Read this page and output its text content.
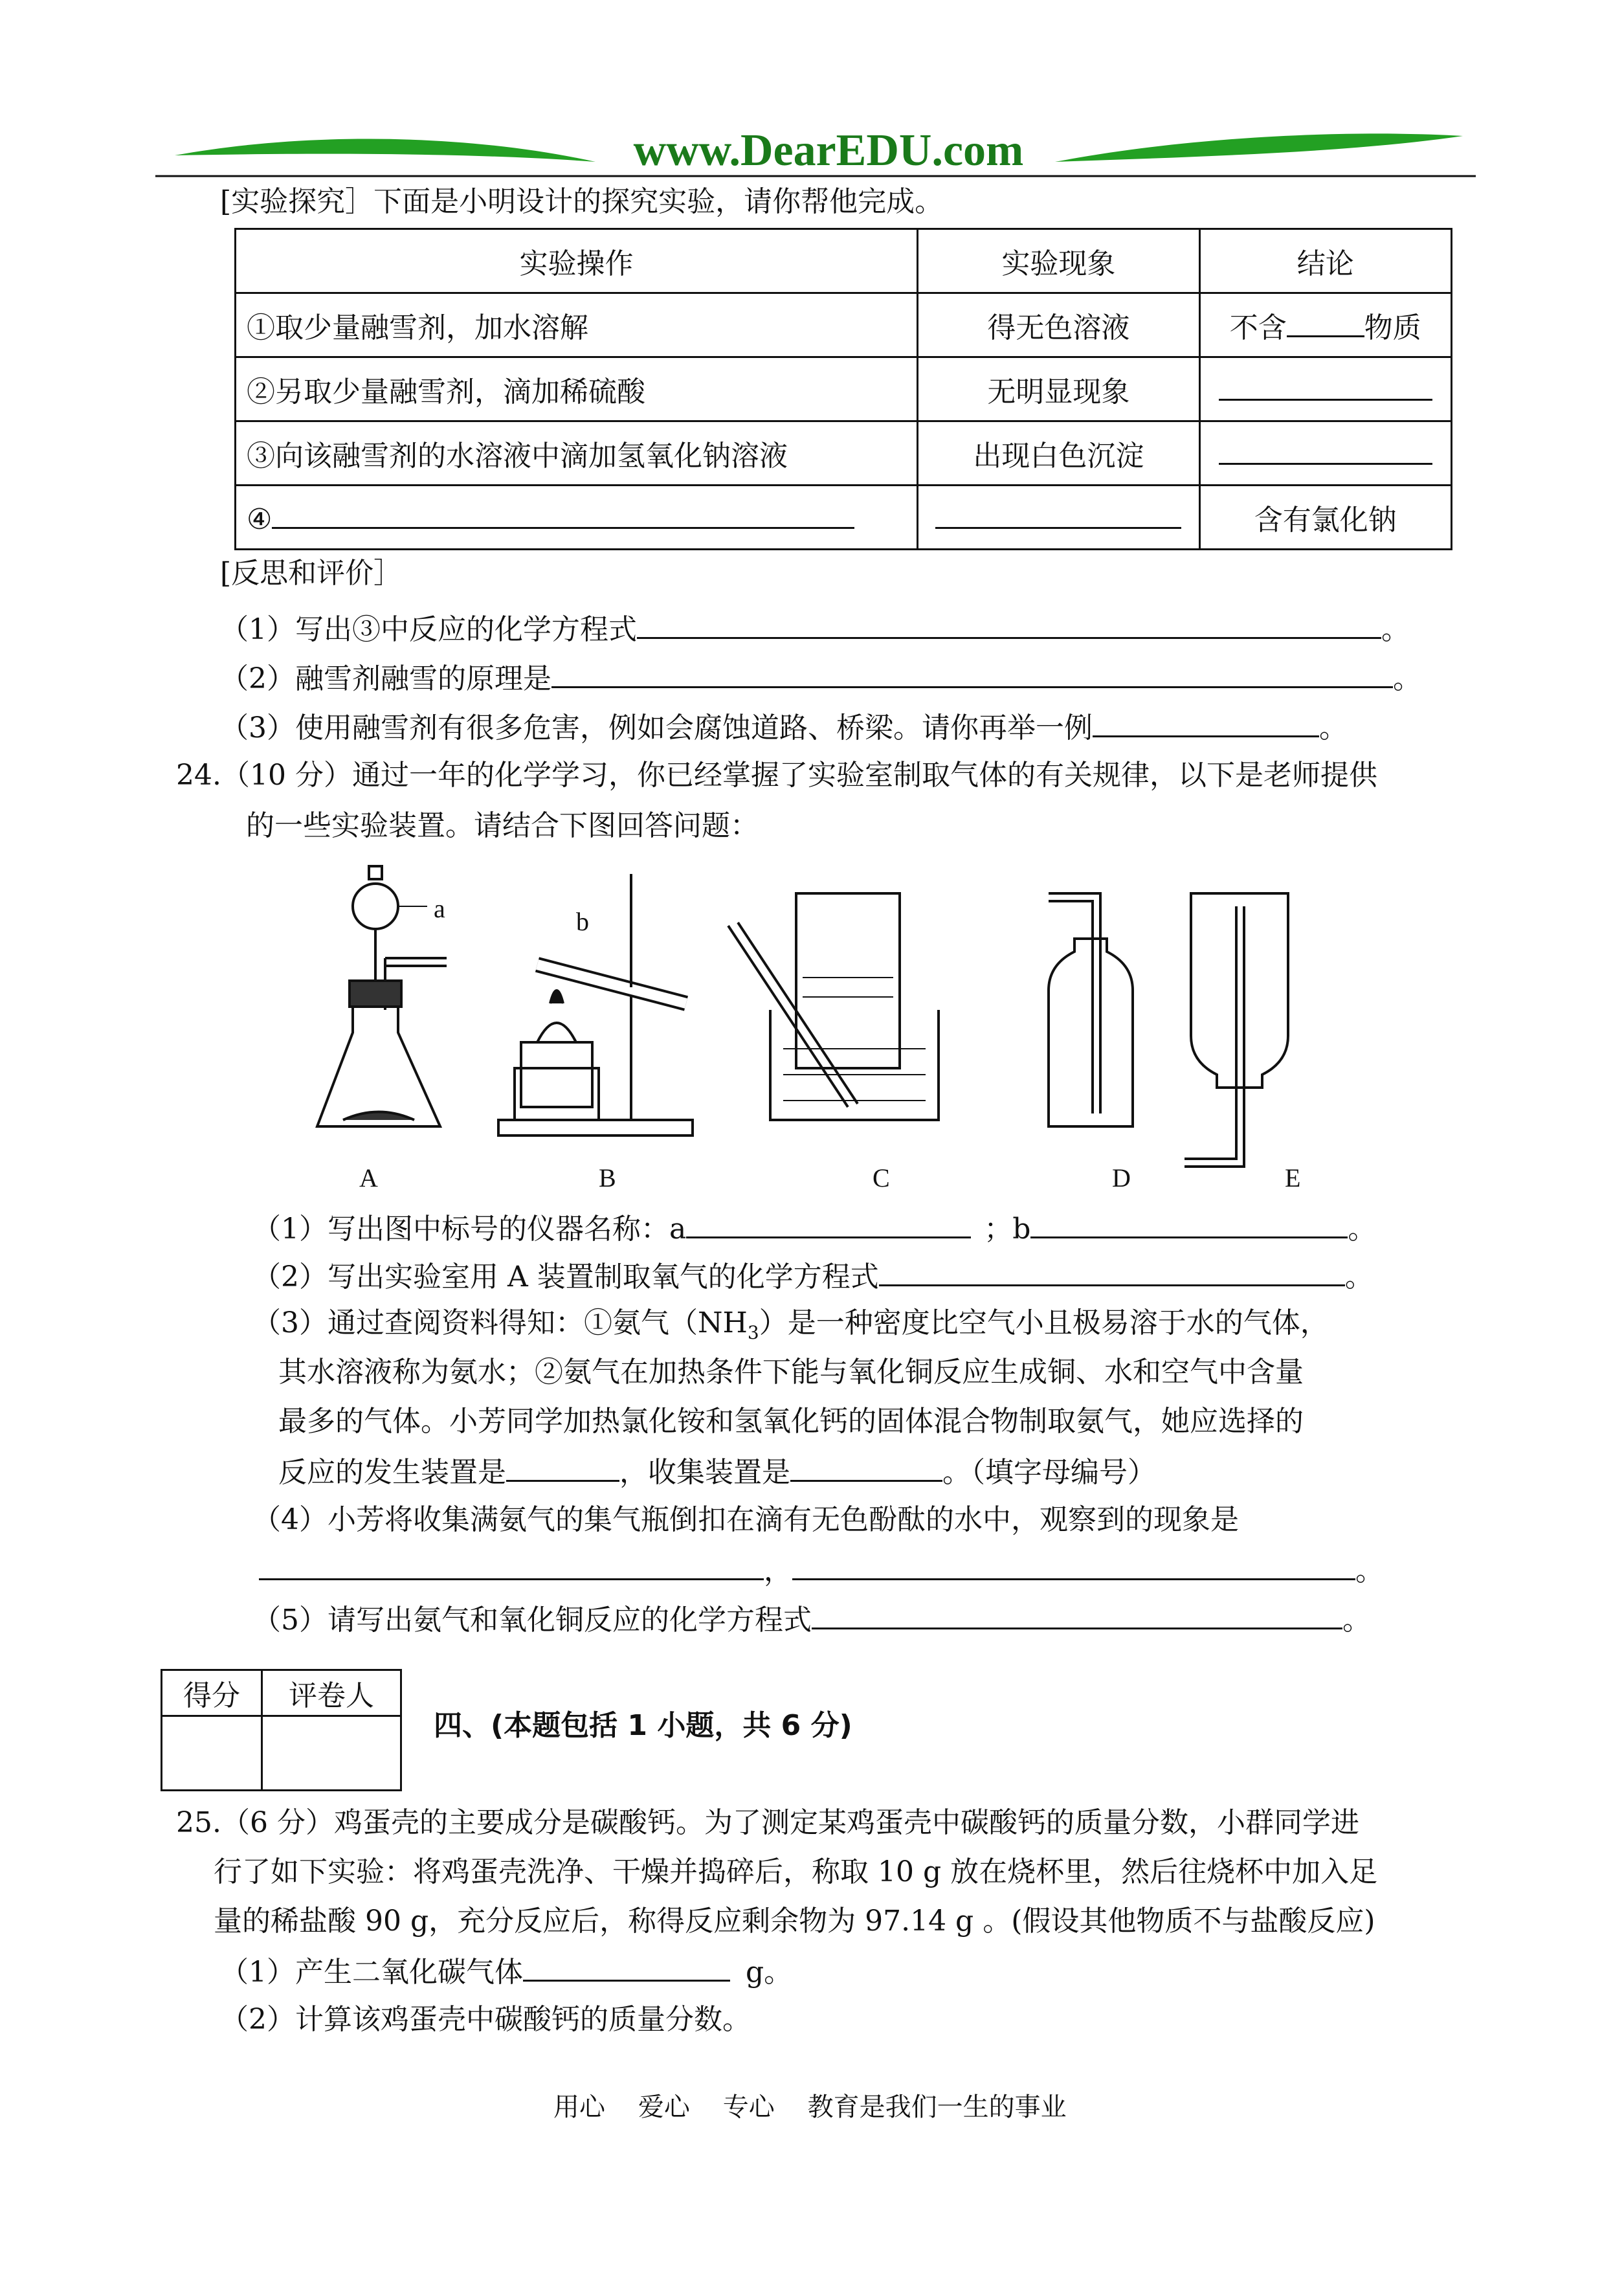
www.DearEDU.com
[实验探究］下面是小明设计的探究实验，请你帮他完成。
实验操作	实验现象	结论
①取少量融雪剂，加水溶解	得无色溶液	不含 物质
②另取少量融雪剂，滴加稀硫酸	无明显现象	
③向该融雪剂的水溶液中滴加氢氧化钠溶液	出现白色沉淀	
④		含有氯化钠
[反思和评价］
（1）写出③中反应的化学方程式	。
（2）融雪剂融雪的原理是	。
（3）使用融雪剂有很多危害，例如会腐蚀道路、桥梁。请你再举一例	。
24.（10 分）通过一年的化学学习，你已经掌握了实验室制取气体的有关规律，以下是老师提供
的一些实验装置。请结合下图回答问题：
a	b
A	B	C	D	E
（1）写出图中标号的仪器名称：a	；b	。
（2）写出实验室用 A 装置制取氧气的化学方程式	。
（3）通过查阅资料得知：①氨气$(NH_3)$是一种密度比空气小且极易溶于水的气体，
其水溶液称为氨水；②氨气在加热条件下能与氧化铜反应生成铜、水和空气中含量
最多的气体。小芳同学加热氯化铵和氢氧化钙的固体混合物制取氨气，她应选择的
反应的发生装置是	，收集装置是	。（填字母编号）
（4）小芳将收集满氨气的集气瓶倒扣在滴有无色酚酞的水中，观察到的现象是
，	。
（5）请写出氨气和氧化铜反应的化学方程式	。
得分	评卷人

四、(本题包括 1 小题，共 6 分)
25.（6 分）鸡蛋壳的主要成分是碳酸钙。为了测定某鸡蛋壳中碳酸钙的质量分数，小群同学进
行了如下实验：将鸡蛋壳洗净、干燥并捣碎后，称取 10 g 放在烧杯里，然后往烧杯中加入足
量的稀盐酸 90 g，充分反应后，称得反应剩余物为 97.14 g 。(假设其他物质不与盐酸反应)
（1）产生二氧化碳气体	g。
（2）计算该鸡蛋壳中碳酸钙的质量分数。
用心    爱心    专心    教育是我们一生的事业
